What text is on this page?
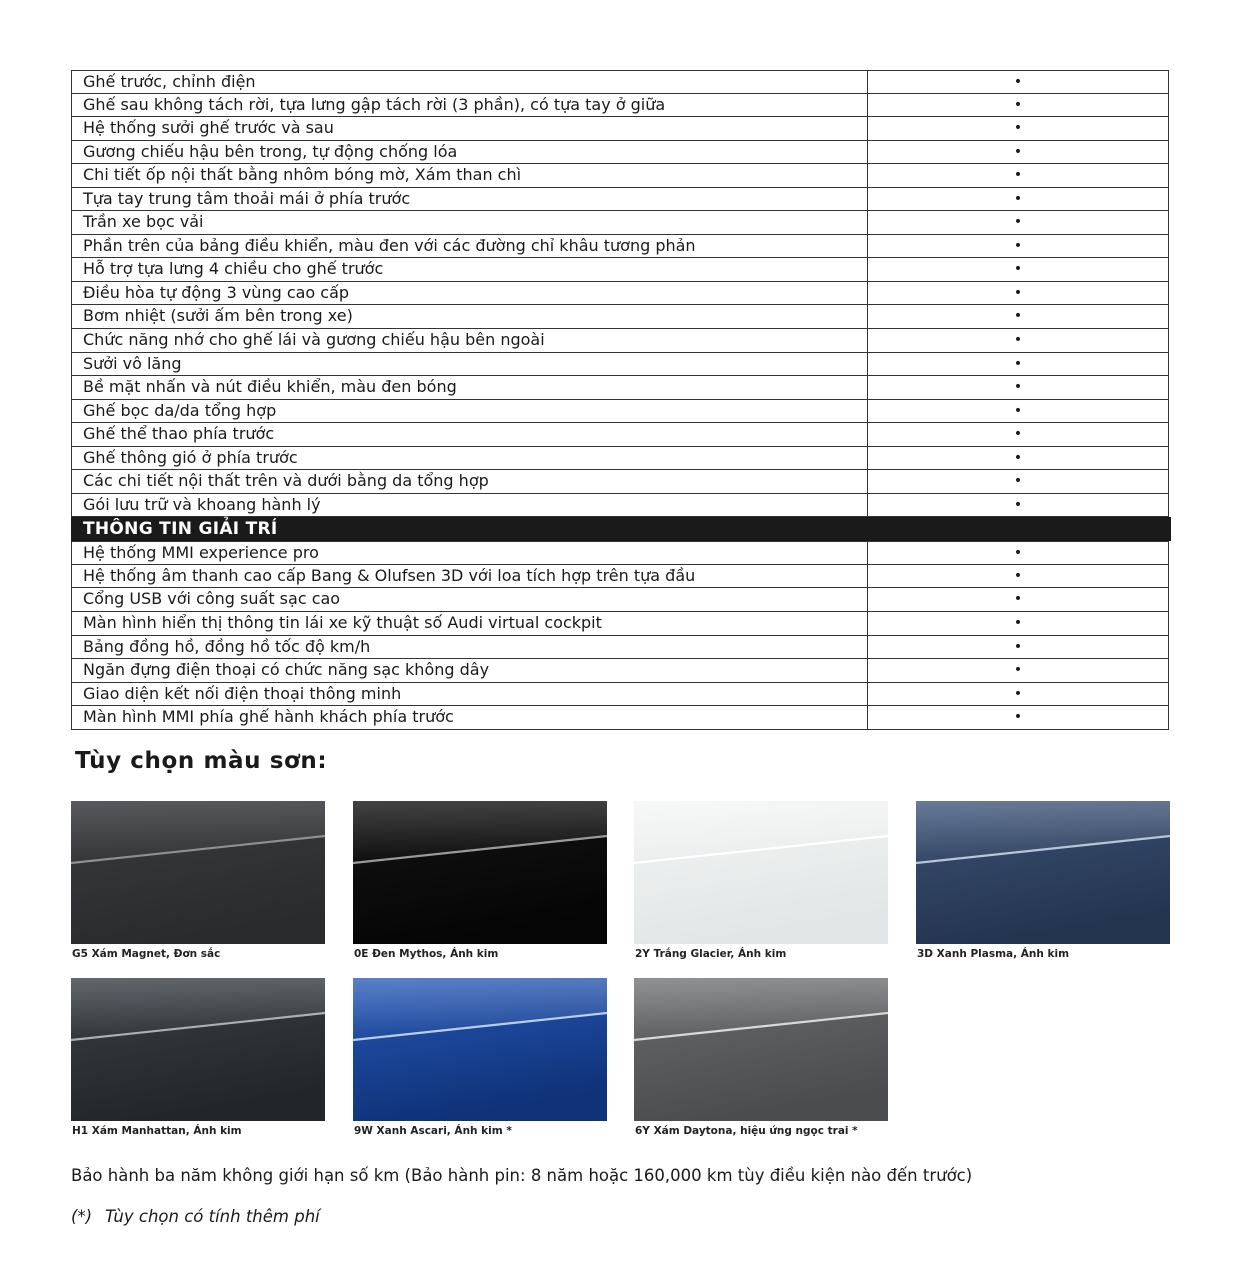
Ghế trước, chỉnh điện	•
Ghế sau không tách rời, tựa lưng gập tách rời (3 phần), có tựa tay ở giữa	•
Hệ thống sưởi ghế trước và sau	•
Gương chiếu hậu bên trong, tự động chống lóa	•
Chi tiết ốp nội thất bằng nhôm bóng mờ, Xám than chì	•
Tựa tay trung tâm thoải mái ở phía trước	•
Trần xe bọc vải	•
Phần trên của bảng điều khiển, màu đen với các đường chỉ khâu tương phản	•
Hỗ trợ tựa lưng 4 chiều cho ghế trước	•
Điều hòa tự động 3 vùng cao cấp	•
Bơm nhiệt (sưởi ấm bên trong xe)	•
Chức năng nhớ cho ghế lái và gương chiếu hậu bên ngoài	•
Sưởi vô lăng	•
Bề mặt nhấn và nút điều khiển, màu đen bóng	•
Ghế bọc da/da tổng hợp	•
Ghế thể thao phía trước	•
Ghế thông gió ở phía trước	•
Các chi tiết nội thất trên và dưới bằng da tổng hợp	•
Gói lưu trữ và khoang hành lý	•
THÔNG TIN GIẢI TRÍ
Hệ thống MMI experience pro	•
Hệ thống âm thanh cao cấp Bang & Olufsen 3D với loa tích hợp trên tựa đầu	•
Cổng USB với công suất sạc cao	•
Màn hình hiển thị thông tin lái xe kỹ thuật số Audi virtual cockpit	•
Bảng đồng hồ, đồng hồ tốc độ km/h	•
Ngăn đựng điện thoại có chức năng sạc không dây	•
Giao diện kết nối điện thoại thông minh	•
Màn hình MMI phía ghế hành khách phía trước	•
Tùy chọn màu sơn:
G5 Xám Magnet, Đơn sắc	0E Đen Mythos, Ánh kim	2Y Trắng Glacier, Ánh kim	3D Xanh Plasma, Ánh kim
H1 Xám Manhattan, Ánh kim	9W Xanh Ascari, Ánh kim *	6Y Xám Daytona, hiệu ứng ngọc trai *
Bảo hành ba năm không giới hạn số km (Bảo hành pin: 8 năm hoặc 160,000 km tùy điều kiện nào đến trước)
(*) Tùy chọn có tính thêm phí
